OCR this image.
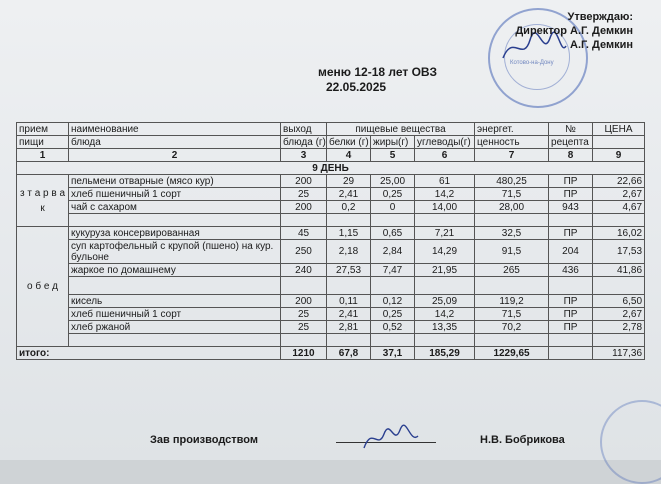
Котово-на-Дону
Утверждаю:
Директор А.Г. Демкин
А.Г. Демкин
меню 12-18 лет ОВЗ
22.05.2025
прием	наименование	выход	пищевые вещества			энергет.	№	ЦЕНА
пищи	блюда	блюда (г)	белки (г)	жиры(г)	углеводы(г)	ценность	рецепта	
1	2	3	4	5	6	7	8	9
9 ДЕНЬ								
з т а р в а к	пельмени отварные (мясо кур)	200	29	25,00	61	480,25	ПР	22,66
	хлеб пшеничный 1 сорт	25	2,41	0,25	14,2	71,5	ПР	2,67
	чай с сахаром	200	0,2	0	14,00	28,00	943	4,67

о б е д	кукуруза консервированная	45	1,15	0,65	7,21	32,5	ПР	16,02
	суп картофельный с крупой (пшено) на кур. бульоне	250	2,18	2,84	14,29	91,5	204	17,53
	жаркое по домашнему	240	27,53	7,47	21,95	265	436	41,86

	кисель	200	0,11	0,12	25,09	119,2	ПР	6,50
	хлеб пшеничный 1 сорт	25	2,41	0,25	14,2	71,5	ПР	2,67
	хлеб ржаной	25	2,81	0,52	13,35	70,2	ПР	2,78

итого:		1210	67,8	37,1	185,29	1229,65		117,36
Зав производством	Н.В. Бобрикова
